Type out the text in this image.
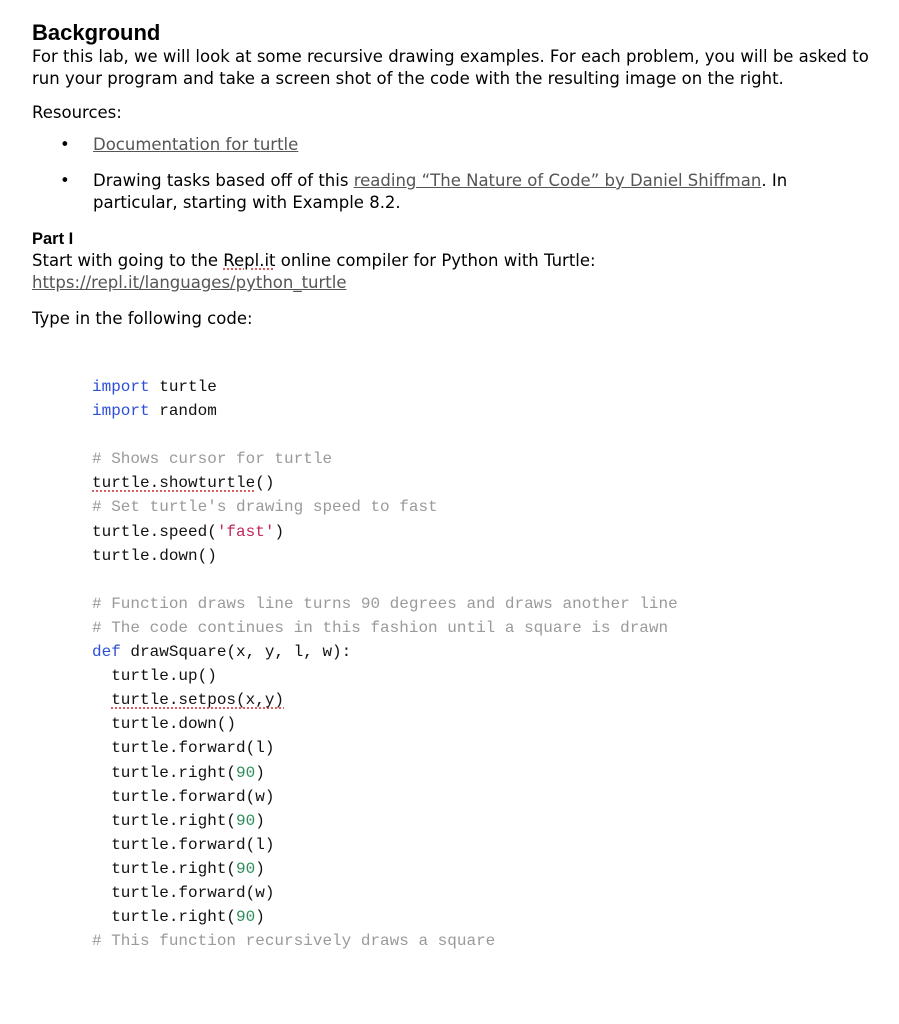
Background

For this lab, we will look at some recursive drawing examples. For each problem, you will be asked to run your program and take a screen shot of the code with the resulting image on the right.

Resources:

• Documentation for turtle
• Drawing tasks based off of this reading “The Nature of Code” by Daniel Shiffman. In particular, starting with Example 8.2.
Part I

Start with going to the Repl.it online compiler for Python with Turtle: https://repl.it/languages/python_turtle

Type in the following code:

import turtle
import random

# Shows cursor for turtle
turtle.showturtle()
# Set turtle's drawing speed to fast
turtle.speed('fast')
turtle.down()

# Function draws line turns 90 degrees and draws another line
# The code continues in this fashion until a square is drawn
def drawSquare(x, y, l, w):
turtle.up()
turtle.setpos(x,y)
turtle.down()
turtle.forward(l)
turtle.right(90)
turtle.forward(w)
turtle.right(90)
turtle.forward(l)
turtle.right(90)
turtle.forward(w)
turtle.right(90)
# This function recursively draws a square
